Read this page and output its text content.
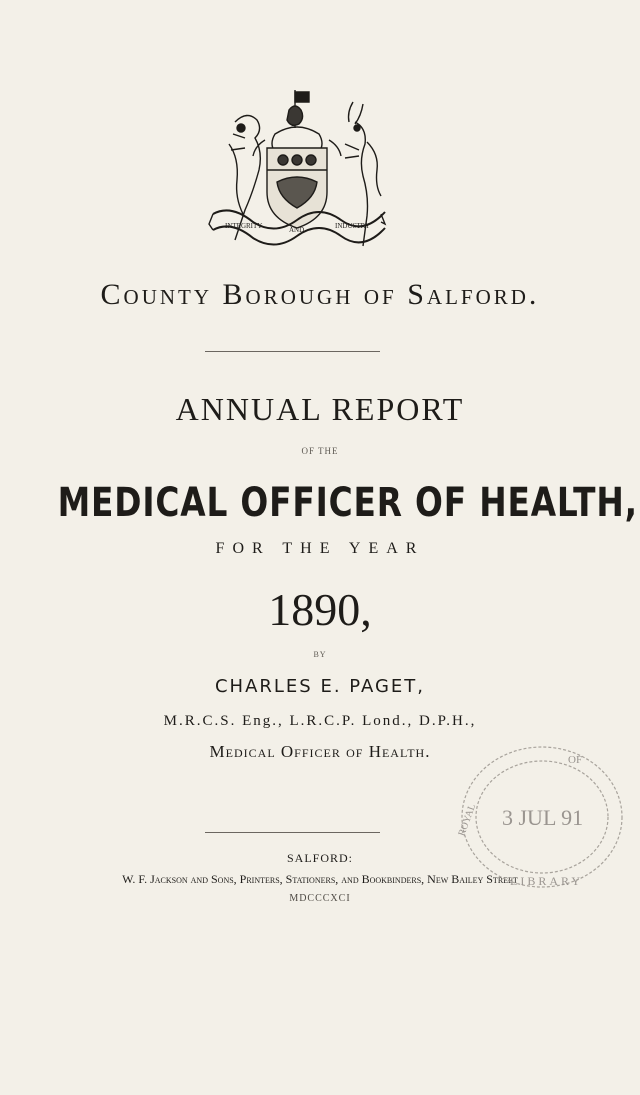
INTEGRITY	AND	INDUSTRY
County Borough of Salford.
ANNUAL REPORT
OF THE
MEDICAL OFFICER OF HEALTH,
FOR THE YEAR
1890,
BY
CHARLES E. PAGET,
M.R.C.S. Eng., L.R.C.P. Lond., D.P.H.,
Medical Officer of Health.
SALFORD:
W. F. Jackson and Sons, Printers, Stationers, and Bookbinders, New Bailey Street
MDCCCXCI
OF
ROYAL 3 JUL 91
LIBRARY
